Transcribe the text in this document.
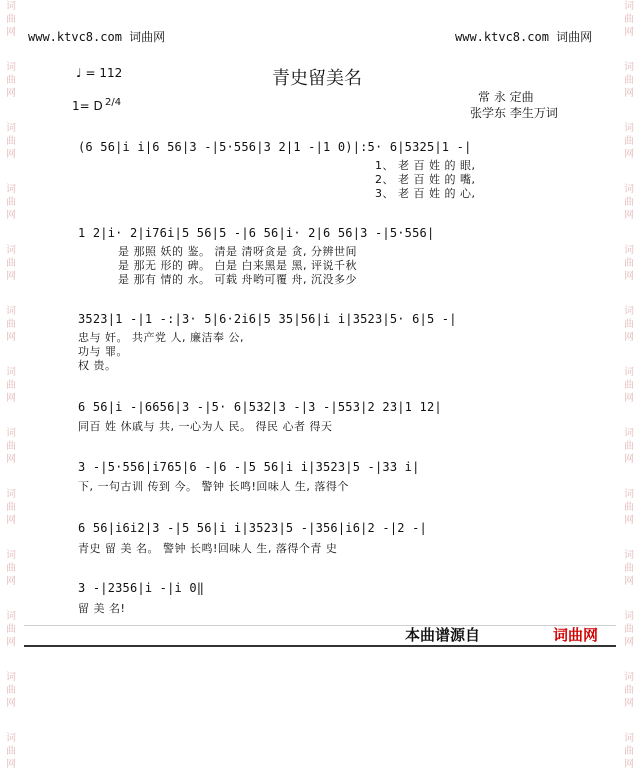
词
曲
网
词
曲
网
词
曲
网
词
曲
网
词
曲
网
词
曲
网
词
曲
网
词
曲
网
词
曲
网
词
曲
网
词
曲
网
词
曲
网
词
曲
网
词
曲
网
词
曲
网
词
曲
网
词
曲
网
词
曲
网
词
曲
网
词
曲
网
词
曲
网
词
曲
网
词
曲
网
词
曲
网
词
曲
网
词
曲
网
www.ktvc8.com 词曲网	www.ktvc8.com 词曲网
♩ = 112	青史留美名
常 永 定曲
张学东 李生万词
1= D 2/4
(6 56|i i|6 56|3 -|5·556|3 2|1 -|1 0)|:5· 6|5325|1 -|
1、 老 百 姓 的 眼,
2、 老 百 姓 的 嘴,
3、 老 百 姓 的 心,
1 2|i· 2|i76i|5 56|5 -|6 56|i· 2|6 56|3 -|5·556|
是 那照 妖的 鉴。 清是 清呀贪是 贪, 分辨世间
是 那无 形的 碑。 白是 白来黑是 黑, 评说千秋
是 那有 情的 水。 可载 舟哟可覆 舟, 沉没多少
3523|1 -|1 -:|3· 5|6·2i6|5 35|56|i i|3523|5· 6|5 -|
忠与 奸。 共产党 人, 廉洁奉 公,
功与 罪。
权 贵。
6 56|i -|6656|3 -|5· 6|532|3 -|3 -|553|2 23|1 12|
同百 姓 休戚与 共, 一心为人 民。 得民 心者 得天
3 -|5·556|i765|6 -|6 -|5 56|i i|3523|5 -|33 i|
下, 一句古训 传到 今。 警钟 长鸣!回味人 生, 落得个
6 56|i6i2|3 -|5 56|i i|3523|5 -|356|i6|2 -|2 -|
青史 留 美 名。 警钟 长鸣!回味人 生, 落得个青 史
3 -|2356|i -|i 0‖
留 美 名!
本曲谱源自	词曲网
